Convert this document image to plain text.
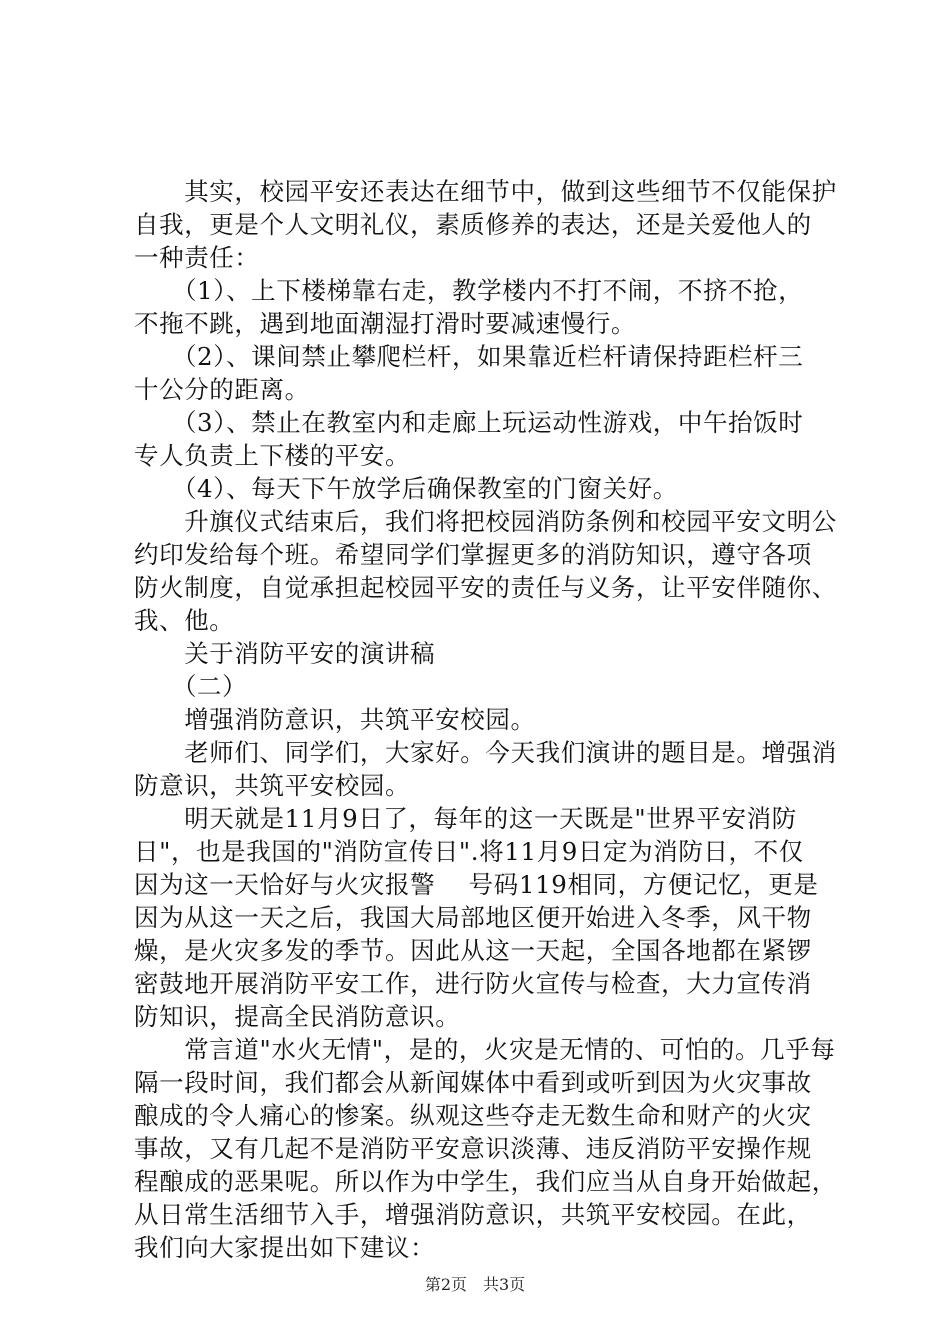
　　其实，校园平安还表达在细节中，做到这些细节不仅能保护
自我，更是个人文明礼仪，素质修养的表达，还是关爱他人的
一种责任：
　　（1）、上下楼梯靠右走，教学楼内不打不闹，不挤不抢，
不拖不跳，遇到地面潮湿打滑时要减速慢行。
　　（2）、课间禁止攀爬栏杆，如果靠近栏杆请保持距栏杆三
十公分的距离。
　　（3）、禁止在教室内和走廊上玩运动性游戏，中午抬饭时
专人负责上下楼的平安。
　　（4）、每天下午放学后确保教室的门窗关好。
　　升旗仪式结束后，我们将把校园消防条例和校园平安文明公
约印发给每个班。希望同学们掌握更多的消防知识，遵守各项
防火制度，自觉承担起校园平安的责任与义务，让平安伴随你、
我、他。
　　关于消防平安的演讲稿
　　（二）
　　增强消防意识，共筑平安校园。
　　老师们、同学们，大家好。今天我们演讲的题目是。增强消
防意识，共筑平安校园。
　　明天就是11月9日了，每年的这一天既是"世界平安消防
日"，也是我国的"消防宣传日".将11月9日定为消防日，不仅
因为这一天恰好与火灾报警　 号码119相同，方便记忆，更是
因为从这一天之后，我国大局部地区便开始进入冬季，风干物
燥，是火灾多发的季节。因此从这一天起，全国各地都在紧锣
密鼓地开展消防平安工作，进行防火宣传与检查，大力宣传消
防知识，提高全民消防意识。
　　常言道"水火无情"，是的，火灾是无情的、可怕的。几乎每
隔一段时间，我们都会从新闻媒体中看到或听到因为火灾事故
酿成的令人痛心的惨案。纵观这些夺走无数生命和财产的火灾
事故，又有几起不是消防平安意识淡薄、违反消防平安操作规
程酿成的恶果呢。所以作为中学生，我们应当从自身开始做起，
从日常生活细节入手，增强消防意识，共筑平安校园。在此，
我们向大家提出如下建议：
第2页　共3页
